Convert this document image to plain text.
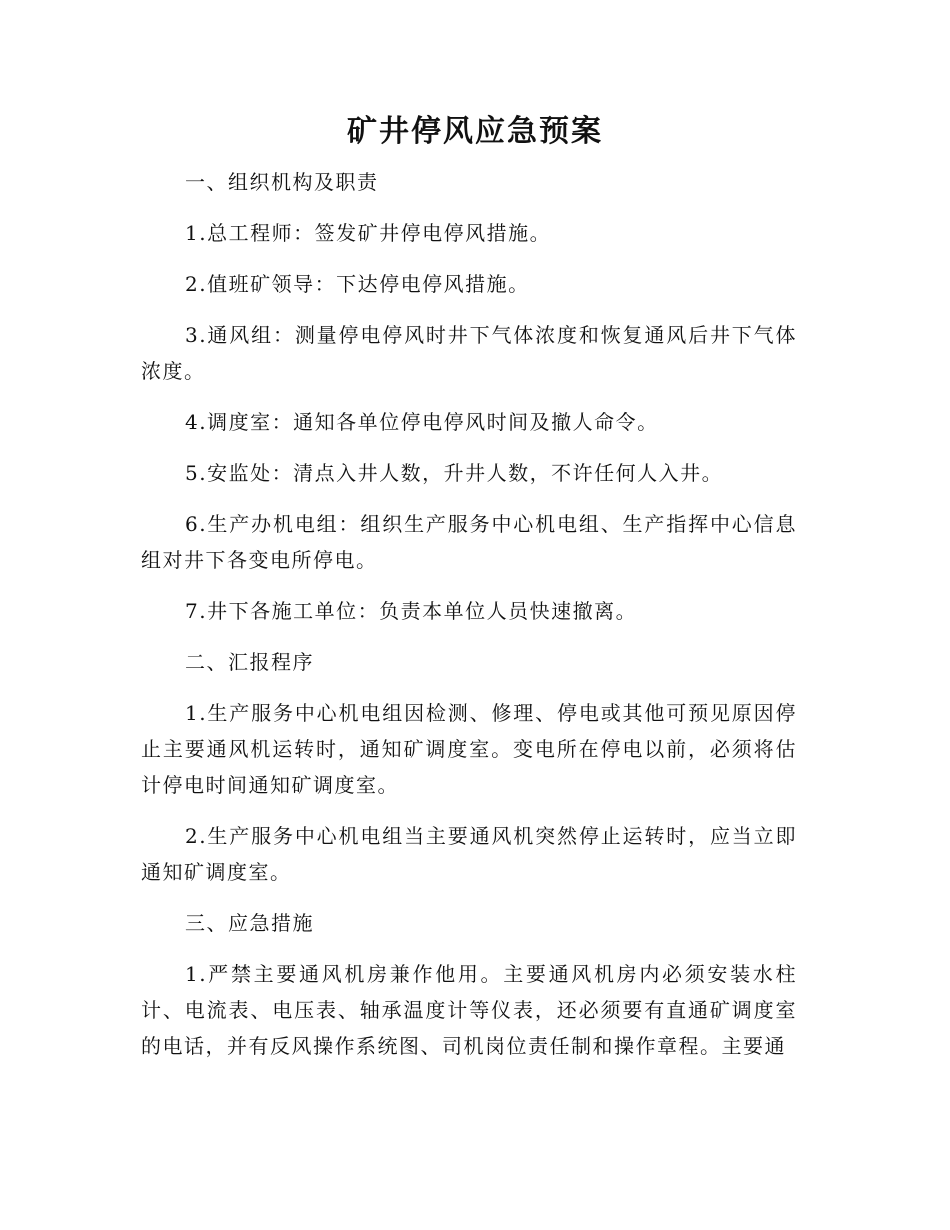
矿井停风应急预案

一、组织机构及职责

1.总工程师：签发矿井停电停风措施。

2.值班矿领导：下达停电停风措施。

3.通风组：测量停电停风时井下气体浓度和恢复通风后井下气体浓度。

4.调度室：通知各单位停电停风时间及撤人命令。

5.安监处：清点入井人数，升井人数，不许任何人入井。

6.生产办机电组：组织生产服务中心机电组、生产指挥中心信息组对井下各变电所停电。

7.井下各施工单位：负责本单位人员快速撤离。

二、汇报程序

1.生产服务中心机电组因检测、修理、停电或其他可预见原因停止主要通风机运转时，通知矿调度室。变电所在停电以前，必须将估计停电时间通知矿调度室。

2.生产服务中心机电组当主要通风机突然停止运转时，应当立即通知矿调度室。

三、应急措施

1.严禁主要通风机房兼作他用。主要通风机房内必须安装水柱计、电流表、电压表、轴承温度计等仪表，还必须要有直通矿调度室的电话，并有反风操作系统图、司机岗位责任制和操作章程。主要通
